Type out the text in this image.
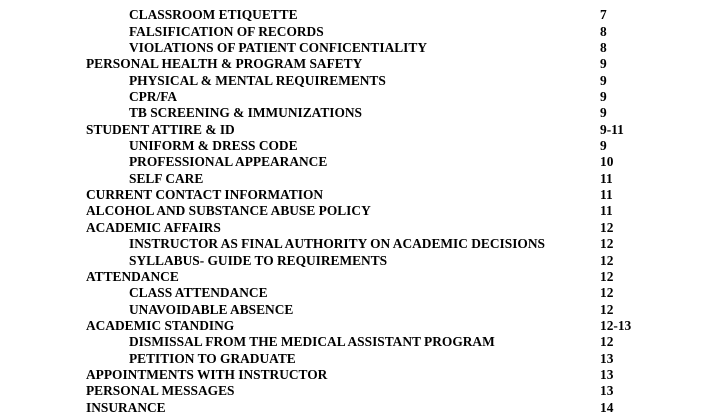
CLASSROOM ETIQUETTE	7
FALSIFICATION OF RECORDS	8
VIOLATIONS OF PATIENT CONFICENTIALITY	8
PERSONAL HEALTH & PROGRAM SAFETY	9
PHYSICAL & MENTAL REQUIREMENTS	9
CPR/FA	9
TB SCREENING & IMMUNIZATIONS	9
STUDENT ATTIRE & ID	9-11
UNIFORM & DRESS CODE	9
PROFESSIONAL APPEARANCE	10
SELF CARE	11
CURRENT CONTACT INFORMATION	11
ALCOHOL AND SUBSTANCE ABUSE POLICY	11
ACADEMIC AFFAIRS	12
INSTRUCTOR AS FINAL AUTHORITY ON ACADEMIC DECISIONS	12
SYLLABUS- GUIDE TO REQUIREMENTS	12
ATTENDANCE	12
CLASS ATTENDANCE	12
UNAVOIDABLE ABSENCE	12
ACADEMIC STANDING	12-13
DISMISSAL FROM THE MEDICAL ASSISTANT PROGRAM	12
PETITION TO GRADUATE	13
APPOINTMENTS WITH INSTRUCTOR	13
PERSONAL MESSAGES	13
INSURANCE	14
